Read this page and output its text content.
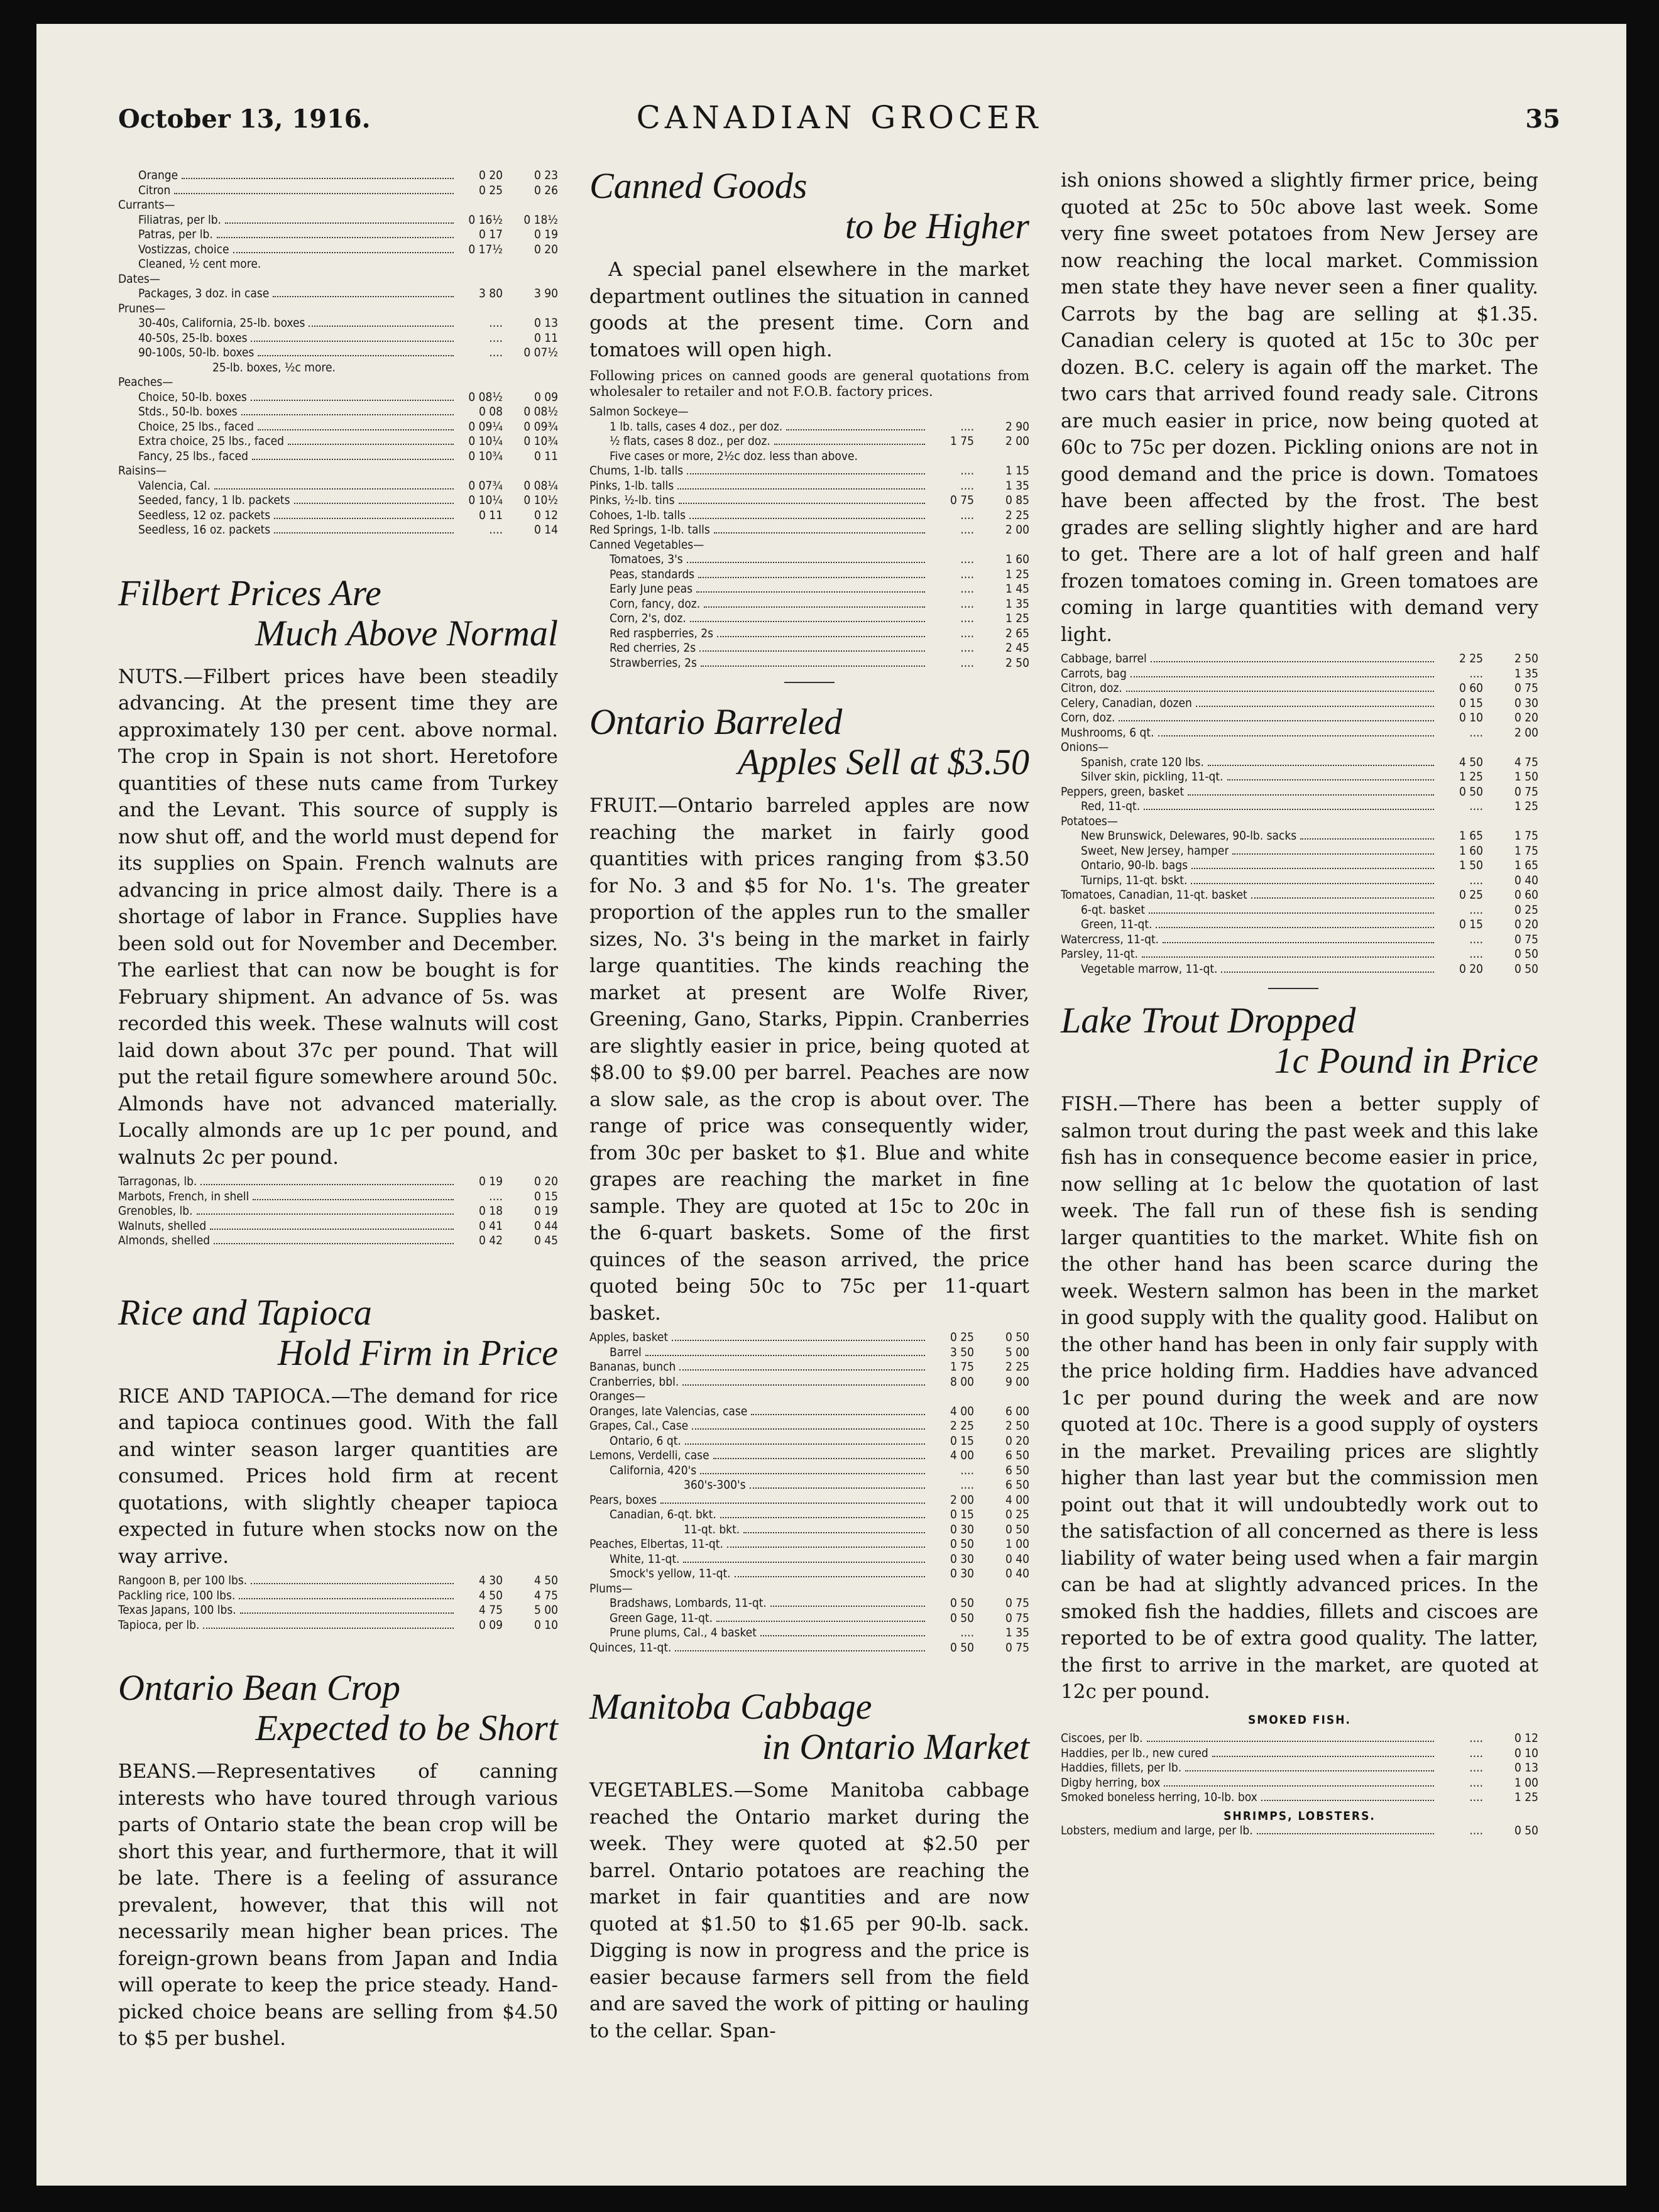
October 13, 1916.	CANADIAN GROCER	35
Orange	0 20	0 23
Citron	0 25	0 26
Currants—
Filiatras, per lb.	0 16½	0 18½
Patras, per lb.	0 17	0 19
Vostizzas, choice	0 17½	0 20
Cleaned, ½ cent more.
Dates—
Packages, 3 doz. in case	3 80	3 90
Prunes—
30-40s, California, 25-lb. boxes	....	0 13
40-50s, 25-lb. boxes	....	0 11
90-100s, 50-lb. boxes	....	0 07½
25-lb. boxes, ½c more.
Peaches—
Choice, 50-lb. boxes	0 08½	0 09
Stds., 50-lb. boxes	0 08	0 08½
Choice, 25 lbs., faced	0 09¼	0 09¾
Extra choice, 25 lbs., faced	0 10¼	0 10¾
Fancy, 25 lbs., faced	0 10¾	0 11
Raisins—
Valencia, Cal.	0 07¾	0 08¼
Seeded, fancy, 1 lb. packets	0 10¼	0 10½
Seedless, 12 oz. packets	0 11	0 12
Seedless, 16 oz. packets	....	0 14
Filbert Prices Are
Much Above Normal

NUTS.—Filbert prices have been steadily advancing. At the present time they are approximately 130 per cent. above normal. The crop in Spain is not short. Heretofore quantities of these nuts came from Turkey and the Levant. This source of supply is now shut off, and the world must depend for its supplies on Spain. French walnuts are advancing in price almost daily. There is a shortage of labor in France. Supplies have been sold out for November and December. The earliest that can now be bought is for February shipment. An advance of 5s. was recorded this week. These walnuts will cost laid down about 37c per pound. That will put the retail figure somewhere around 50c. Almonds have not advanced materially. Locally almonds are up 1c per pound, and walnuts 2c per pound.

Tarragonas, lb.	0 19	0 20
Marbots, French, in shell	....	0 15
Grenobles, lb.	0 18	0 19
Walnuts, shelled	0 41	0 44
Almonds, shelled	0 42	0 45
Rice and Tapioca
Hold Firm in Price

RICE AND TAPIOCA.—The demand for rice and tapioca continues good. With the fall and winter season larger quantities are consumed. Prices hold firm at recent quotations, with slightly cheaper tapioca expected in future when stocks now on the way arrive.

Rangoon B, per 100 lbs.	4 30	4 50
Packling rice, 100 lbs.	4 50	4 75
Texas Japans, 100 lbs.	4 75	5 00
Tapioca, per lb.	0 09	0 10
Ontario Bean Crop
Expected to be Short

BEANS.—Representatives of canning interests who have toured through various parts of Ontario state the bean crop will be short this year, and furthermore, that it will be late. There is a feeling of assurance prevalent, however, that this will not necessarily mean higher bean prices. The foreign-grown beans from Japan and India will operate to keep the price steady. Hand-picked choice beans are selling from $4.50 to $5 per bushel.

Canned Goods
to be Higher

A special panel elsewhere in the market department outlines the situation in canned goods at the present time. Corn and tomatoes will open high.

Following prices on canned goods are general quotations from wholesaler to retailer and not F.O.B. factory prices.

Salmon Sockeye—
1 lb. talls, cases 4 doz., per doz.	....	2 90
½ flats, cases 8 doz., per doz.	1 75	2 00
Five cases or more, 2½c doz. less than above.
Chums, 1-lb. talls	....	1 15
Pinks, 1-lb. talls	....	1 35
Pinks, ½-lb. tins	0 75	0 85
Cohoes, 1-lb. talls	....	2 25
Red Springs, 1-lb. talls	....	2 00
Canned Vegetables—
Tomatoes, 3's	....	1 60
Peas, standards	....	1 25
Early June peas	....	1 45
Corn, fancy, doz.	....	1 35
Corn, 2's, doz.	....	1 25
Red raspberries, 2s	....	2 65
Red cherries, 2s	....	2 45
Strawberries, 2s	....	2 50
Ontario Barreled
Apples Sell at $3.50

FRUIT.—Ontario barreled apples are now reaching the market in fairly good quantities with prices ranging from $3.50 for No. 3 and $5 for No. 1's. The greater proportion of the apples run to the smaller sizes, No. 3's being in the market in fairly large quantities. The kinds reaching the market at present are Wolfe River, Greening, Gano, Starks, Pippin. Cranberries are slightly easier in price, being quoted at $8.00 to $9.00 per barrel. Peaches are now a slow sale, as the crop is about over. The range of price was consequently wider, from 30c per basket to $1. Blue and white grapes are reaching the market in fine sample. They are quoted at 15c to 20c in the 6-quart baskets. Some of the first quinces of the season arrived, the price quoted being 50c to 75c per 11-quart basket.

Apples, basket	0 25	0 50
Barrel	3 50	5 00
Bananas, bunch	1 75	2 25
Cranberries, bbl.	8 00	9 00
Oranges—
Oranges, late Valencias, case	4 00	6 00
Grapes, Cal., Case	2 25	2 50
Ontario, 6 qt.	0 15	0 20
Lemons, Verdelli, case	4 00	6 50
California, 420's	....	6 50
360's-300's	....	6 50
Pears, boxes	2 00	4 00
Canadian, 6-qt. bkt.	0 15	0 25
11-qt. bkt.	0 30	0 50
Peaches, Elbertas, 11-qt.	0 50	1 00
White, 11-qt.	0 30	0 40
Smock's yellow, 11-qt.	0 30	0 40
Plums—
Bradshaws, Lombards, 11-qt.	0 50	0 75
Green Gage, 11-qt.	0 50	0 75
Prune plums, Cal., 4 basket	....	1 35
Quinces, 11-qt.	0 50	0 75
Manitoba Cabbage
in Ontario Market

VEGETABLES.—Some Manitoba cabbage reached the Ontario market during the week. They were quoted at $2.50 per barrel. Ontario potatoes are reaching the market in fair quantities and are now quoted at $1.50 to $1.65 per 90-lb. sack. Digging is now in progress and the price is easier because farmers sell from the field and are saved the work of pitting or hauling to the cellar. Span-

ish onions showed a slightly firmer price, being quoted at 25c to 50c above last week. Some very fine sweet potatoes from New Jersey are now reaching the local market. Commission men state they have never seen a finer quality. Carrots by the bag are selling at $1.35. Canadian celery is quoted at 15c to 30c per dozen. B.C. celery is again off the market. The two cars that arrived found ready sale. Citrons are much easier in price, now being quoted at 60c to 75c per dozen. Pickling onions are not in good demand and the price is down. Tomatoes have been affected by the frost. The best grades are selling slightly higher and are hard to get. There are a lot of half green and half frozen tomatoes coming in. Green tomatoes are coming in large quantities with demand very light.

Cabbage, barrel	2 25	2 50
Carrots, bag	....	1 35
Citron, doz.	0 60	0 75
Celery, Canadian, dozen	0 15	0 30
Corn, doz.	0 10	0 20
Mushrooms, 6 qt.	....	2 00
Onions—
Spanish, crate 120 lbs.	4 50	4 75
Silver skin, pickling, 11-qt.	1 25	1 50
Peppers, green, basket	0 50	0 75
Red, 11-qt.	....	1 25
Potatoes—
New Brunswick, Delewares, 90-lb. sacks	1 65	1 75
Sweet, New Jersey, hamper	1 60	1 75
Ontario, 90-lb. bags	1 50	1 65
Turnips, 11-qt. bskt.	....	0 40
Tomatoes, Canadian, 11-qt. basket	0 25	0 60
6-qt. basket	....	0 25
Green, 11-qt.	0 15	0 20
Watercress, 11-qt.	....	0 75
Parsley, 11-qt.	....	0 50
Vegetable marrow, 11-qt.	0 20	0 50
Lake Trout Dropped
1c Pound in Price

FISH.—There has been a better supply of salmon trout during the past week and this lake fish has in consequence become easier in price, now selling at 1c below the quotation of last week. The fall run of these fish is sending larger quantities to the market. White fish on the other hand has been scarce during the week. Western salmon has been in the market in good supply with the quality good. Halibut on the other hand has been in only fair supply with the price holding firm. Haddies have advanced 1c per pound during the week and are now quoted at 10c. There is a good supply of oysters in the market. Prevailing prices are slightly higher than last year but the commission men point out that it will undoubtedly work out to the satisfaction of all concerned as there is less liability of water being used when a fair margin can be had at slightly advanced prices. In the smoked fish the haddies, fillets and ciscoes are reported to be of extra good quality. The latter, the first to arrive in the market, are quoted at 12c per pound.

SMOKED FISH.
Ciscoes, per lb.	....	0 12
Haddies, per lb., new cured	....	0 10
Haddies, fillets, per lb.	....	0 13
Digby herring, box	....	1 00
Smoked boneless herring, 10-lb. box	....	1 25
SHRIMPS, LOBSTERS.
Lobsters, medium and large, per lb.	....	0 50
